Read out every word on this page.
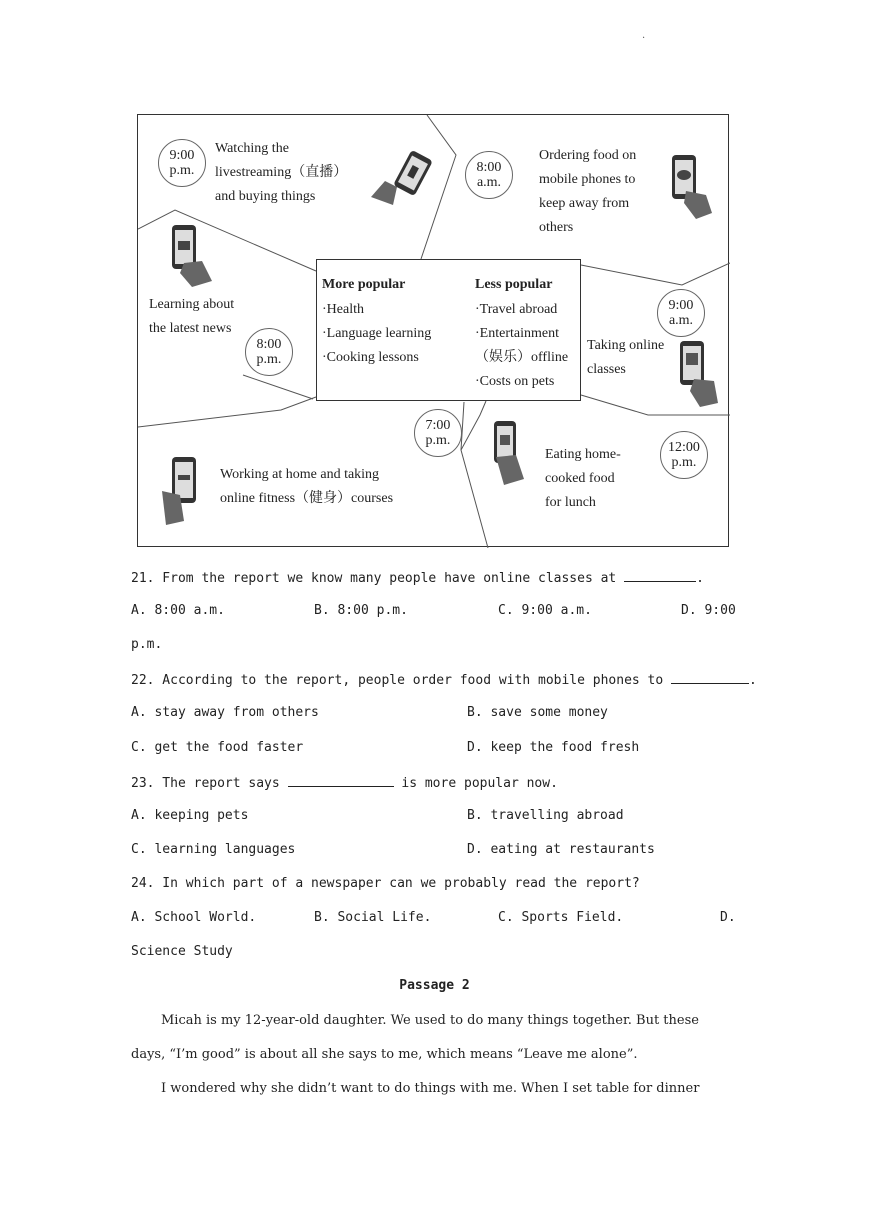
.
9:00
p.m.
Watching the
livestreaming（直播）
and buying things
8:00
a.m.
Ordering food on
mobile phones to
keep away from
others
Learning about
the latest news
8:00
p.m.
More popular
·Health
·Language learning
·Cooking lessons
Less popular
·Travel abroad
·Entertainment
（娱乐）offline
·Costs on pets
9:00
a.m.
Taking online
classes
7:00
p.m.
Working at home and taking
online fitness（健身）courses
Eating home-
cooked food
for lunch
12:00
p.m.
21. From the report we know many people have online classes at	.
A. 8:00 a.m.	B. 8:00 p.m.	C. 9:00 a.m.	D. 9:00
p.m.
22. According to the report, people order food with mobile phones to	.
A. stay away from others	B. save some money
C. get the food faster	D. keep the food fresh
23. The report says	is more popular now.
A. keeping pets	B. travelling abroad
C. learning languages	D. eating at restaurants
24. In which part of a newspaper can we probably read the report?
A. School World.	B. Social Life.	C. Sports Field.	D.
Science Study
Passage 2
Micah is my 12-year-old daughter. We used to do many things together. But these
days, “I’m good” is about all she says to me, which means “Leave me alone”.
I wondered why she didn’t want to do things with me. When I set table for dinner
